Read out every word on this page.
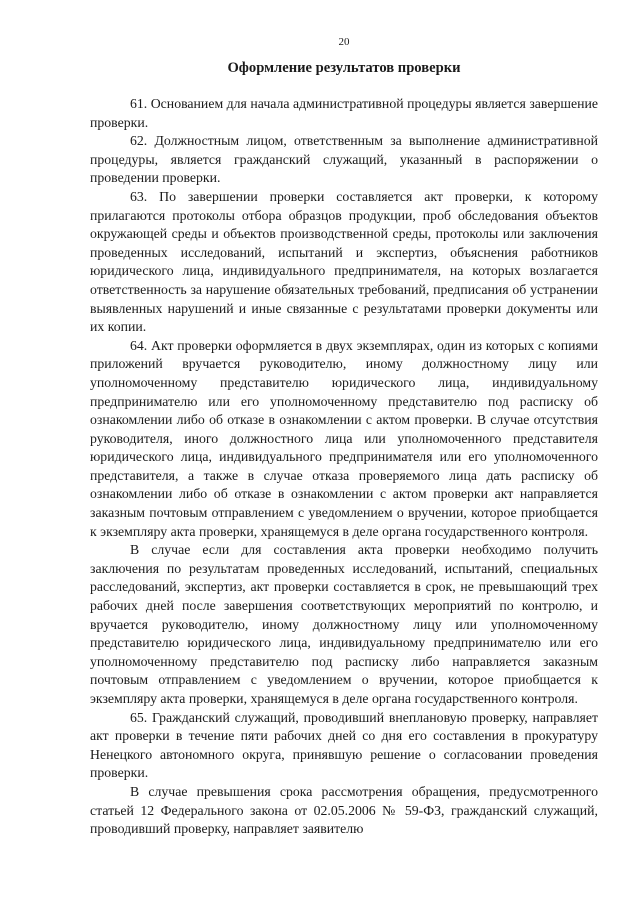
20
Оформление результатов проверки

61. Основанием для начала административной процедуры является завершение проверки.

62. Должностным лицом, ответственным за выполнение административной процедуры, является гражданский служащий, указанный в распоряжении о проведении проверки.

63. По завершении проверки составляется акт проверки, к которому прилагаются протоколы отбора образцов продукции, проб обследования объектов окружающей среды и объектов производственной среды, протоколы или заключения проведенных исследований, испытаний и экспертиз, объяснения работников юридического лица, индивидуального предпринимателя, на которых возлагается ответственность за нарушение обязательных требований, предписания об устранении выявленных нарушений и иные связанные с результатами проверки документы или их копии.

64. Акт проверки оформляется в двух экземплярах, один из которых с копиями приложений вручается руководителю, иному должностному лицу или уполномоченному представителю юридического лица, индивидуальному предпринимателю или его уполномоченному представителю под расписку об ознакомлении либо об отказе в ознакомлении с актом проверки. В случае отсутствия руководителя, иного должностного лица или уполномоченного представителя юридического лица, индивидуального предпринимателя или его уполномоченного представителя, а также в случае отказа проверяемого лица дать расписку об ознакомлении либо об отказе в ознакомлении с актом проверки акт направляется заказным почтовым отправлением с уведомлением о вручении, которое приобщается к экземпляру акта проверки, хранящемуся в деле органа государственного контроля.

В случае если для составления акта проверки необходимо получить заключения по результатам проведенных исследований, испытаний, специальных расследований, экспертиз, акт проверки составляется в срок, не превышающий трех рабочих дней после завершения соответствующих мероприятий по контролю, и вручается руководителю, иному должностному лицу или уполномоченному представителю юридического лица, индивидуальному предпринимателю или его уполномоченному представителю под расписку либо направляется заказным почтовым отправлением с уведомлением о вручении, которое приобщается к экземпляру акта проверки, хранящемуся в деле органа государственного контроля.

65. Гражданский служащий, проводивший внеплановую проверку, направляет акт проверки в течение пяти рабочих дней со дня его составления в прокуратуру Ненецкого автономного округа, принявшую решение о согласовании проведения проверки.

В случае превышения срока рассмотрения обращения, предусмотренного статьей 12 Федерального закона от 02.05.2006 № 59-ФЗ, гражданский служащий, проводивший проверку, направляет заявителю
